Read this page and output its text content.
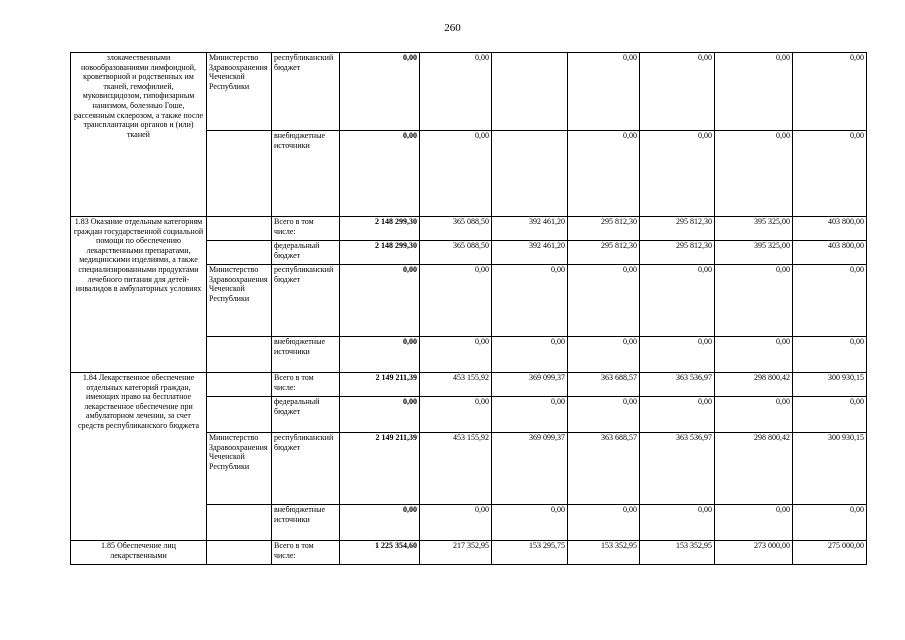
260
злокачественными новообразованиями лимфоидной, кроветворной и родственных им тканей, гемофилией, муковисцидозом, гипофизарным нанизмом, болезнью Гоше, рассеянным склерозом, а также после трансплантации органов и (или) тканей	Министерство Здравоохранения Чеченской Республики	республиканский бюджет	0,00	0,00		0,00	0,00	0,00	0,00
		внебюджетные источники	0,00	0,00		0,00	0,00	0,00	0,00
1.83 Оказание отдельным категориям граждан государственной социальной помощи по обеспечению лекарственными препаратами, медицинскими изделиями, а также специализированными продуктами лечебного питания для детей-инвалидов в амбулаторных условиях		Всего в том числе:	2 148 299,30	365 088,50	392 461,20	295 812,30	295 812,30	395 325,00	403 800,00
		федеральный бюджет	2 148 299,30	365 088,50	392 461,20	295 812,30	295 812,30	395 325,00	403 800,00
	Министерство Здравоохранения Чеченской Республики	республиканский бюджет	0,00	0,00	0,00	0,00	0,00	0,00	0,00
		внебюджетные источники	0,00	0,00	0,00	0,00	0,00	0,00	0,00
1.84 Лекарственное обеспечение отдельных категорий граждан, имеющих право на бесплатное лекарственное обеспечение при амбулаторном лечении, за счет средств республиканского бюджета		Всего в том числе:	2 149 211,39	453 155,92	369 099,37	363 688,57	363 536,97	298 800,42	300 930,15
		федеральный бюджет	0,00	0,00	0,00	0,00	0,00	0,00	0,00
	Министерство Здравоохранения Чеченской Республики	республиканский бюджет	2 149 211,39	453 155,92	369 099,37	363 688,57	363 536,97	298 800,42	300 930,15
		внебюджетные источники	0,00	0,00	0,00	0,00	0,00	0,00	0,00
1.85 Обеспечение лиц лекарственными		Всего в том числе:	1 225 354,60	217 352,95	153 295,75	153 352,95	153 352,95	273 000,00	275 000,00
